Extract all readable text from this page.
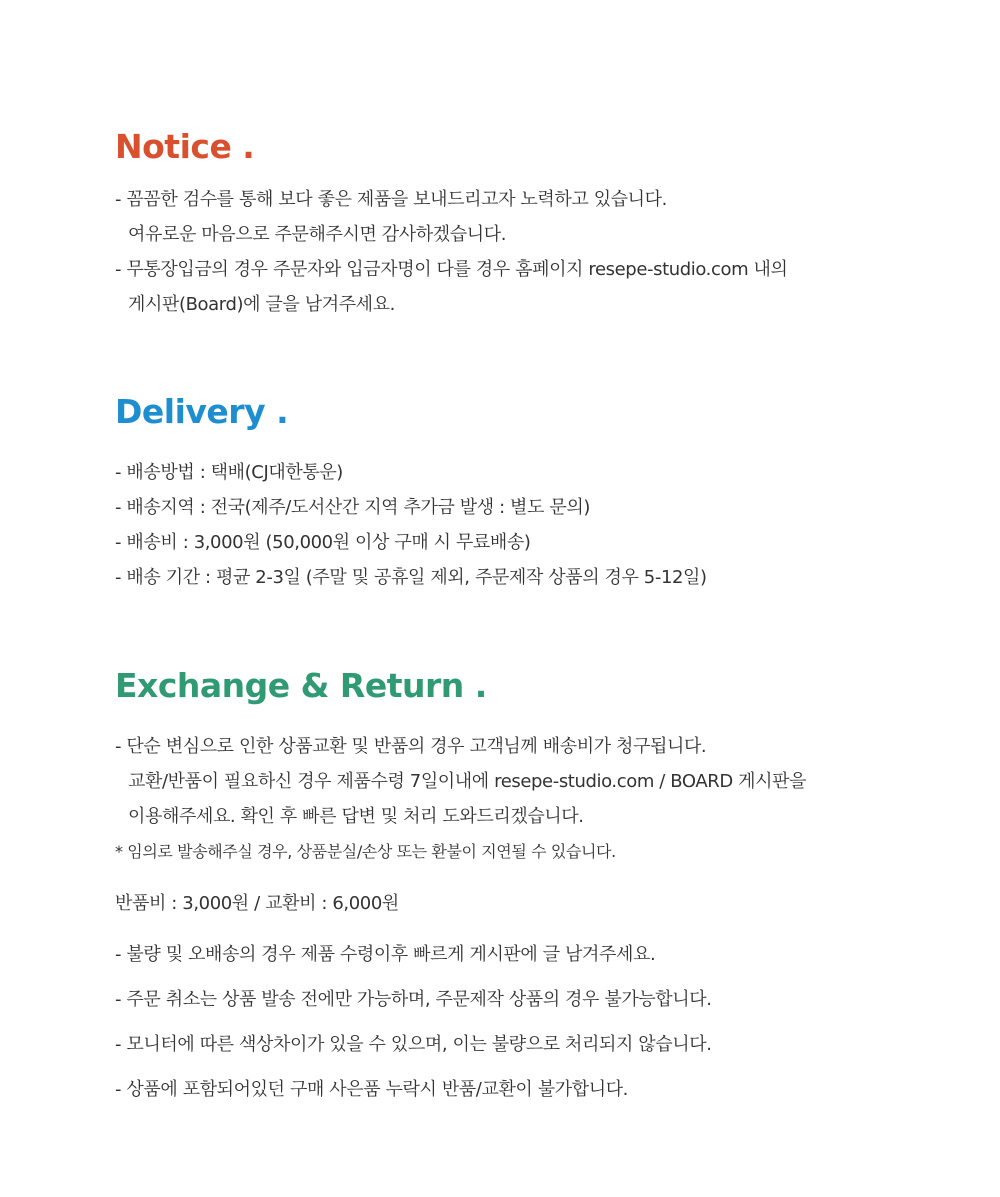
Notice .
- 꼼꼼한 검수를 통해 보다 좋은 제품을 보내드리고자 노력하고 있습니다.
여유로운 마음으로 주문해주시면 감사하겠습니다.
- 무통장입금의 경우 주문자와 입금자명이 다를 경우 홈페이지 resepe-studio.com 내의
게시판(Board)에 글을 남겨주세요.
Delivery .
- 배송방법 : 택배(CJ대한통운)
- 배송지역 : 전국(제주/도서산간 지역 추가금 발생 : 별도 문의)
- 배송비 : 3,000원 (50,000원 이상 구매 시 무료배송)
- 배송 기간 : 평균 2-3일 (주말 및 공휴일 제외, 주문제작 상품의 경우 5-12일)
Exchange & Return .
- 단순 변심으로 인한 상품교환 및 반품의 경우 고객님께 배송비가 청구됩니다.
교환/반품이 필요하신 경우 제품수령 7일이내에 resepe-studio.com / BOARD 게시판을
이용해주세요. 확인 후 빠른 답변 및 처리 도와드리겠습니다.
* 임의로 발송해주실 경우, 상품분실/손상 또는 환불이 지연될 수 있습니다.
반품비 : 3,000원 / 교환비 : 6,000원
- 불량 및 오배송의 경우 제품 수령이후 빠르게 게시판에 글 남겨주세요.
- 주문 취소는 상품 발송 전에만 가능하며, 주문제작 상품의 경우 불가능합니다.
- 모니터에 따른 색상차이가 있을 수 있으며, 이는 불량으로 처리되지 않습니다.
- 상품에 포함되어있던 구매 사은품 누락시 반품/교환이 불가합니다.
